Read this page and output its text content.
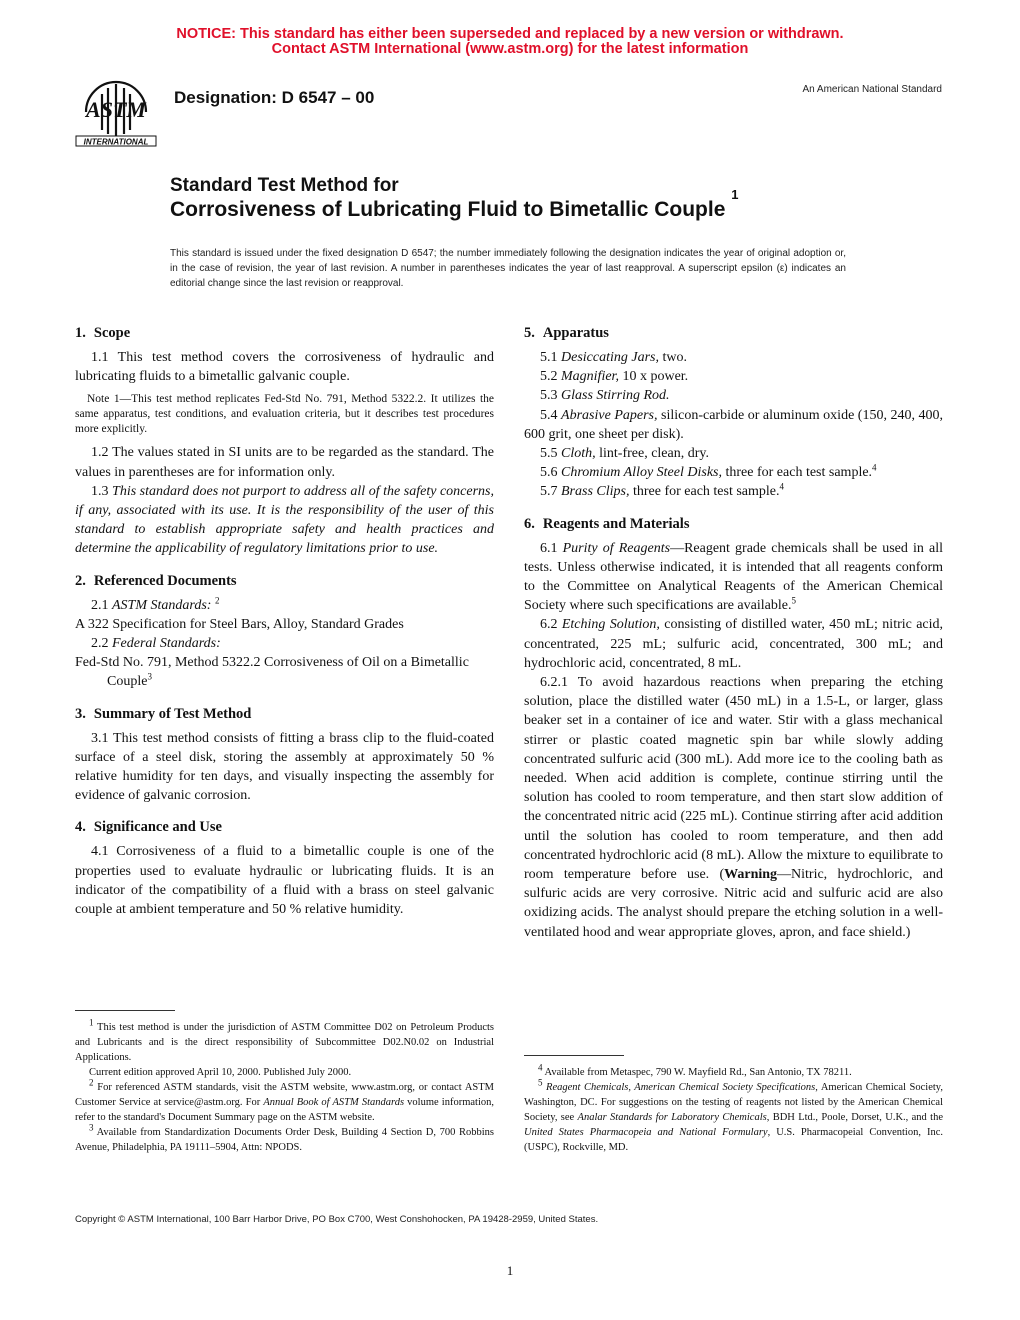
NOTICE: This standard has either been superseded and replaced by a new version or withdrawn.
Contact ASTM International (www.astm.org) for the latest information
ASTM
INTERNATIONAL
Designation: D 6547 – 00	An American National Standard
Standard Test Method for
Corrosiveness of Lubricating Fluid to Bimetallic Couple $^1$
This standard is issued under the fixed designation D 6547; the number immediately following the designation indicates the year of original adoption or, in the case of revision, the year of last revision. A number in parentheses indicates the year of last reapproval. A superscript epsilon (ε) indicates an editorial change since the last revision or reapproval.
1. Scope

1.1 This test method covers the corrosiveness of hydraulic and lubricating fluids to a bimetallic galvanic couple.

Note 1—This test method replicates Fed-Std No. 791, Method 5322.2. It utilizes the same apparatus, test conditions, and evaluation criteria, but it describes test procedures more explicitly.

1.2 The values stated in SI units are to be regarded as the standard. The values in parentheses are for information only.

1.3 This standard does not purport to address all of the safety concerns, if any, associated with its use. It is the responsibility of the user of this standard to establish appropriate safety and health practices and determine the applicability of regulatory limitations prior to use.

2. Referenced Documents

2.1 ASTM Standards: $^2$

A 322 Specification for Steel Bars, Alloy, Standard Grades

2.2 Federal Standards:

Fed-Std No. 791, Method 5322.2 Corrosiveness of Oil on a Bimetallic Couple$^3$

3. Summary of Test Method

3.1 This test method consists of fitting a brass clip to the fluid-coated surface of a steel disk, storing the assembly at approximately 50 % relative humidity for ten days, and visually inspecting the assembly for evidence of galvanic corrosion.

4. Significance and Use

4.1 Corrosiveness of a fluid to a bimetallic couple is one of the properties used to evaluate hydraulic or lubricating fluids. It is an indicator of the compatibility of a fluid with a brass on steel galvanic couple at ambient temperature and 50 % relative humidity.

5. Apparatus

5.1 Desiccating Jars, two.

5.2 Magnifier, 10 x power.

5.3 Glass Stirring Rod.

5.4 Abrasive Papers, silicon-carbide or aluminum oxide (150, 240, 400, 600 grit, one sheet per disk).

5.5 Cloth, lint-free, clean, dry.

5.6 Chromium Alloy Steel Disks, three for each test sample.$^4$

5.7 Brass Clips, three for each test sample.$^4$

6. Reagents and Materials

6.1 Purity of Reagents—Reagent grade chemicals shall be used in all tests. Unless otherwise indicated, it is intended that all reagents conform to the Committee on Analytical Reagents of the American Chemical Society where such specifications are available.$^5$

6.2 Etching Solution, consisting of distilled water, 450 mL; nitric acid, concentrated, 225 mL; sulfuric acid, concentrated, 300 mL; and hydrochloric acid, concentrated, 8 mL.

6.2.1 To avoid hazardous reactions when preparing the etching solution, place the distilled water (450 mL) in a 1.5-L, or larger, glass beaker set in a container of ice and water. Stir with a glass mechanical stirrer or plastic coated magnetic spin bar while slowly adding concentrated sulfuric acid (300 mL). Add more ice to the cooling bath as needed. When acid addition is complete, continue stirring until the solution has cooled to room temperature, and then start slow addition of the concentrated nitric acid (225 mL). Continue stirring after acid addition until the solution has cooled to room temperature, and then add concentrated hydrochloric acid (8 mL). Allow the mixture to equilibrate to room temperature before use. (Warning—Nitric, hydrochloric, and sulfuric acids are very corrosive. Nitric acid and sulfuric acid are also oxidizing acids. The analyst should prepare the etching solution in a well-ventilated hood and wear appropriate gloves, apron, and face shield.)

$^1$ This test method is under the jurisdiction of ASTM Committee D02 on Petroleum Products and Lubricants and is the direct responsibility of Subcommittee D02.N0.02 on Industrial Applications.

Current edition approved April 10, 2000. Published July 2000.

$^2$ For referenced ASTM standards, visit the ASTM website, www.astm.org, or contact ASTM Customer Service at service@astm.org. For Annual Book of ASTM Standards volume information, refer to the standard's Document Summary page on the ASTM website.

$^3$ Available from Standardization Documents Order Desk, Building 4 Section D, 700 Robbins Avenue, Philadelphia, PA 19111–5904, Attn: NPODS.

$^4$ Available from Metaspec, 790 W. Mayfield Rd., San Antonio, TX 78211.

$^5$ Reagent Chemicals, American Chemical Society Specifications, American Chemical Society, Washington, DC. For suggestions on the testing of reagents not listed by the American Chemical Society, see Analar Standards for Laboratory Chemicals, BDH Ltd., Poole, Dorset, U.K., and the United States Pharmacopeia and National Formulary, U.S. Pharmacopeial Convention, Inc. (USPC), Rockville, MD.

Copyright © ASTM International, 100 Barr Harbor Drive, PO Box C700, West Conshohocken, PA 19428-2959, United States.
1
